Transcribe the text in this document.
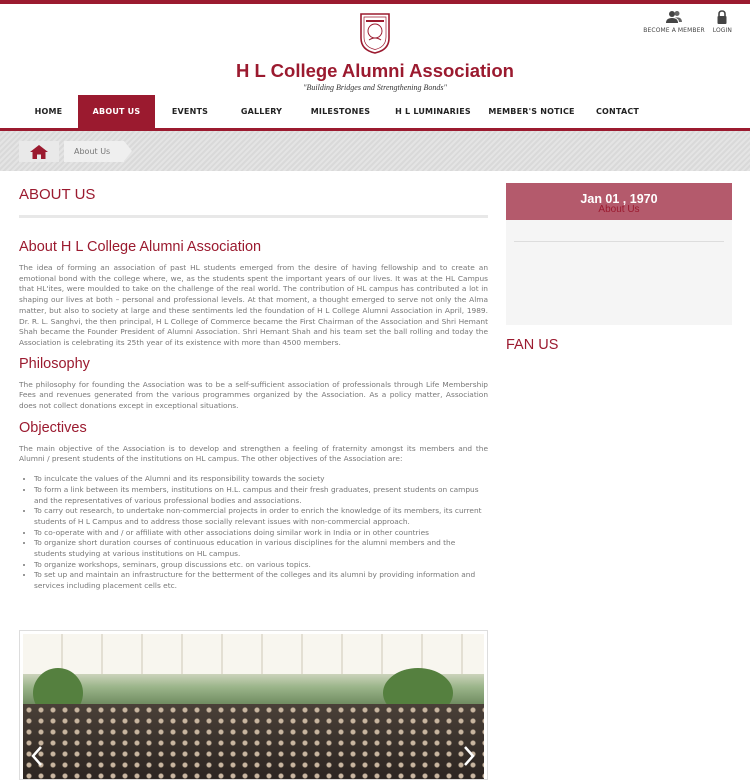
H L College Alumni Association
"Building Bridges and Strengthening Bonds"
BECOME A MEMBER LOGIN
HOME	ABOUT US	EVENTS	GALLERY	MILESTONES	H L LUMINARIES	MEMBER'S NOTICE	CONTACT
About Us
ABOUT US
About H L College Alumni Association

The idea of forming an association of past HL students emerged from the desire of having fellowship and to create an emotional bond with the college where, we, as the students spent the important years of our lives. It was at the HL Campus that HL'ites, were moulded to take on the challenge of the real world. The contribution of HL campus has contributed a lot in shaping our lives at both – personal and professional levels. At that moment, a thought emerged to serve not only the Alma matter, but also to society at large and these sentiments led the foundation of H L College Alumni Association in April, 1989. Dr. R. L. Sanghvi, the then principal, H L College of Commerce became the First Chairman of the Association and Shri Hemant Shah became the Founder President of Alumni Association. Shri Hemant Shah and his team set the ball rolling and today the Association is celebrating its 25th year of its existence with more than 4500 members.

Philosophy

The philosophy for founding the Association was to be a self-sufficient association of professionals through Life Membership Fees and revenues generated from the various programmes organized by the Association. As a policy matter, Association does not collect donations except in exceptional situations.

Objectives

The main objective of the Association is to develop and strengthen a feeling of fraternity amongst its members and the Alumni / present students of the institutions on HL campus. The other objectives of the Association are:

• To inculcate the values of the Alumni and its responsibility towards the society
• To form a link between its members, institutions on H.L. campus and their fresh graduates, present students on campus and the representatives of various professional bodies and associations.
• To carry out research, to undertake non-commercial projects in order to enrich the knowledge of its members, its current students of H L Campus and to address those socially relevant issues with non-commercial approach.
• To co-operate with and / or affiliate with other associations doing similar work in India or in other countries
• To organize short duration courses of continuous education in various disciplines for the alumni members and the students studying at various institutions on HL campus.
• To organize workshops, seminars, group discussions etc. on various topics.
• To set up and maintain an infrastructure for the betterment of the colleges and its alumni by providing information and services including placement cells etc.
About Us
Jan 01 , 1970
FAN US
